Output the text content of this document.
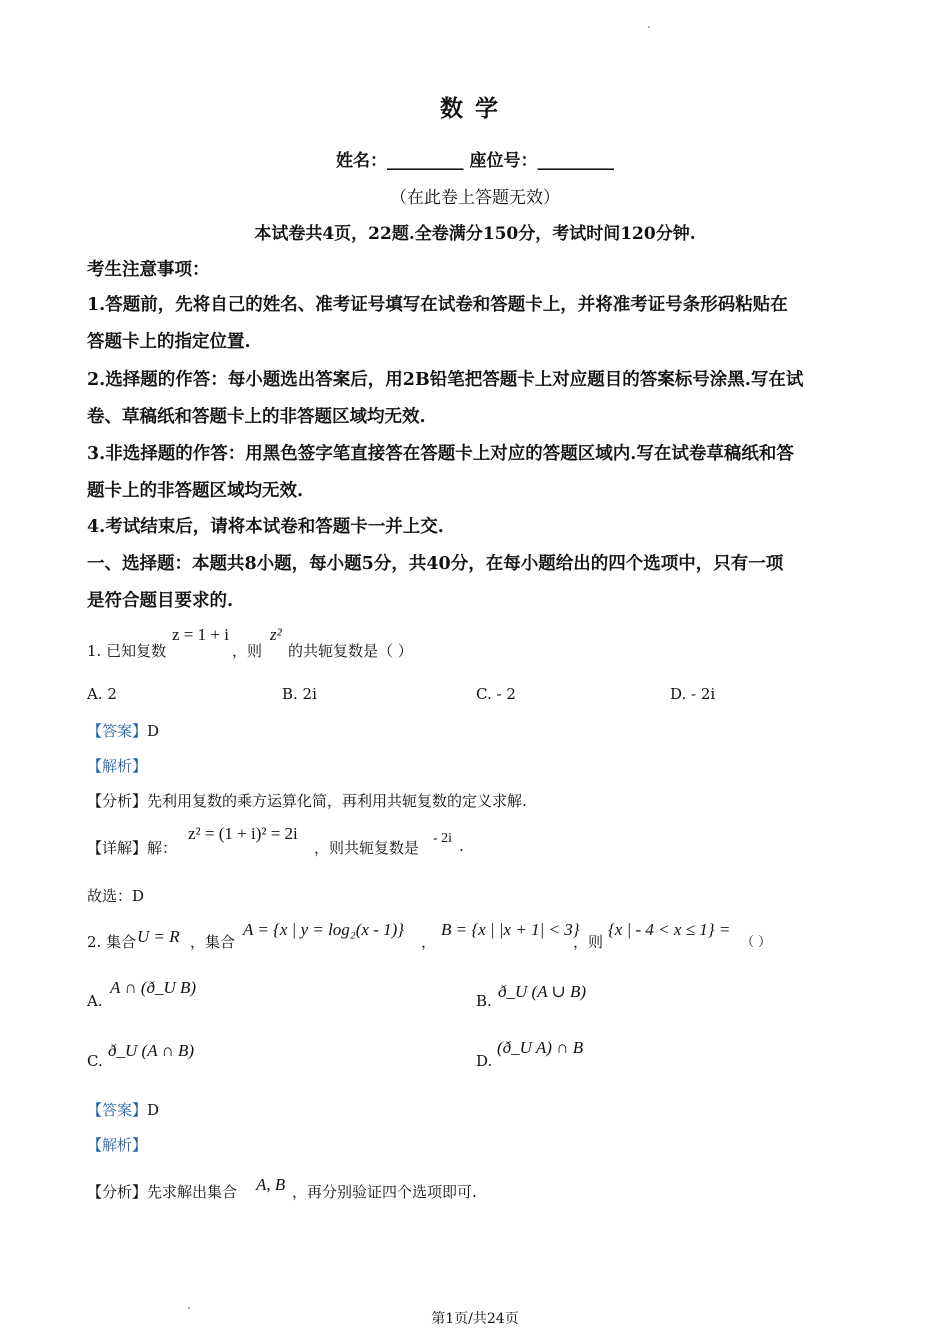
数学
姓名：_________ 座位号：_________
（在此卷上答题无效）
本试卷共4页，22题.全卷满分150分，考试时间120分钟.
考生注意事项：
1.答题前，先将自己的姓名、准考证号填写在试卷和答题卡上，并将准考证号条形码粘贴在
答题卡上的指定位置.
2.选择题的作答：每小题选出答案后，用2B铅笔把答题卡上对应题目的答案标号涂黑.写在试
卷、草稿纸和答题卡上的非答题区域均无效.
3.非选择题的作答：用黑色签字笔直接答在答题卡上对应的答题区域内.写在试卷草稿纸和答
题卡上的非答题区域均无效.
4.考试结束后，请将本试卷和答题卡一并上交.
一、选择题：本题共8小题，每小题5分，共40分，在每小题给出的四个选项中，只有一项
是符合题目要求的.
1. 已知复数
z = 1 + i
，则
z²
的共轭复数是（ ）
A. 2	B. 2i	C. - 2	D. - 2i
【答案】D
【解析】
【分析】先利用复数的乘方运算化简，再利用共轭复数的定义求解.
【详解】解：
z² = (1 + i)² = 2i
，则共轭复数是
- 2i .
故选：D
2. 集合 U = R ，集合
A = {x | y = log₂(x - 1)}
，
B = {x | |x + 1| < 3}
，则
{x | - 4 < x ≤ 1} =
（ ）
A.
A ∩ (ð_U B)
B. ð_U (A ∪ B)
C.
ð_U (A ∩ B)
D.
(ð_U A) ∩ B
【答案】D
【解析】
【分析】先求解出集合 A, B ，再分别验证四个选项即可.
第1页/共24页
